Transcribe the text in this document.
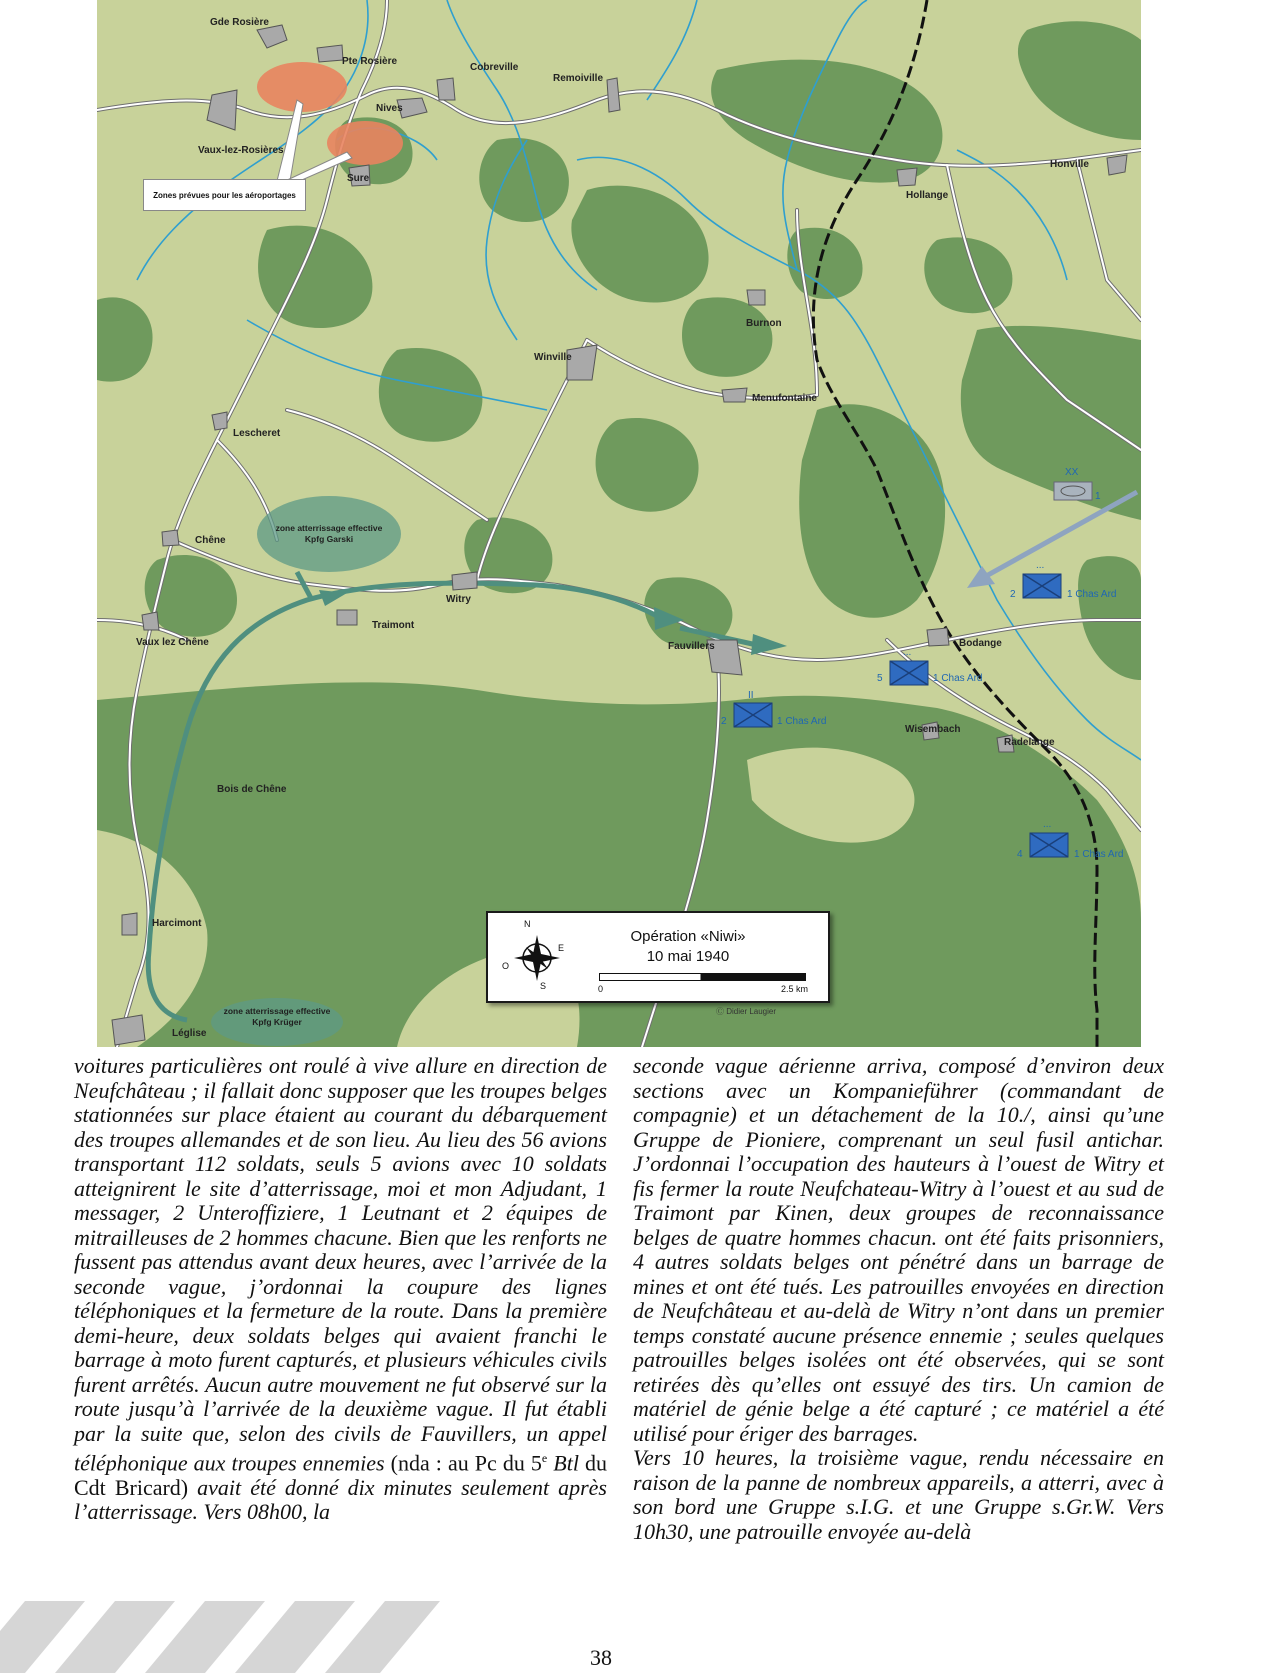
Gde Rosière
Pte Rosière
Cobreville
Remoiville
Nives
Vaux-lez-Rosières
Sure
Honville
Hollange
Burnon
Winville
Menufontaine
Lescheret
Chêne
Witry
Traimont
Vaux lez Chêne	Fauvillers	Bodange
Wisembach
Radelange
Bois de Chêne
Harcimont
Léglise
Zones prévues pour les aéroportages
zone atterrissage effective Kpfg Garski
zone atterrissage effective Kpfg Krüger
II
2	1 Chas Ard
...
5	1 Chas Ard
...
2	1 Chas Ard
...
4	1 Chas Ard
XX
1
N
E
S
O
Opération «Niwi»
10 mai 1940
0	2.5 km
Ⓒ Didier Laugier

voitures particulières ont roulé à vive allure en direction de Neufchâteau ; il fallait donc supposer que les troupes belges stationnées sur place étaient au courant du débarquement des troupes allemandes et de son lieu. Au lieu des 56 avions transportant 112 soldats, seuls 5 avions avec 10 soldats atteignirent le site d’atterrissage, moi et mon Adjudant, 1 messager, 2 Unteroffiziere, 1 Leutnant et 2 équipes de mitrailleuses de 2 hommes chacune. Bien que les renforts ne fussent pas attendus avant deux heures, avec l’arrivée de la seconde vague, j’ordonnai la coupure des lignes téléphoniques et la fermeture de la route. Dans la première demi-heure, deux soldats belges qui avaient franchi le barrage à moto furent capturés, et plusieurs véhicules civils furent arrêtés. Aucun autre mouvement ne fut observé sur la route jusqu’à l’arrivée de la deuxième vague. Il fut établi par la suite que, selon des civils de Fauvillers, un appel téléphonique aux troupes ennemies (nda : au Pc du 5e Btl du Cdt Bricard) avait été donné dix minutes seulement après l’atterrissage. Vers 08h00, la

seconde vague aérienne arriva, composé d’environ deux sections avec un Kompanieführer (commandant de compagnie) et un détachement de la 10./, ainsi qu’une Gruppe de Pioniere, comprenant un seul fusil antichar. J’ordonnai l’occupation des hauteurs à l’ouest de Witry et fis fermer la route Neufchateau-Witry à l’ouest et au sud de Traimont par Kinen, deux groupes de reconnaissance belges de quatre hommes chacun. ont été faits prisonniers, 4 autres soldats belges ont pénétré dans un barrage de mines et ont été tués. Les patrouilles envoyées en direction de Neufchâteau et au-delà de Witry n’ont dans un premier temps constaté aucune présence ennemie ; seules quelques patrouilles belges isolées ont été observées, qui se sont retirées dès qu’elles ont essuyé des tirs. Un camion de matériel de génie belge a été capturé ; ce matériel a été utilisé pour ériger des barrages.

Vers 10 heures, la troisième vague, rendu nécessaire en raison de la panne de nombreux appareils, a atterri, avec à son bord une Gruppe s.I.G. et une Gruppe s.Gr.W. Vers 10h30, une patrouille envoyée au-delà

38
